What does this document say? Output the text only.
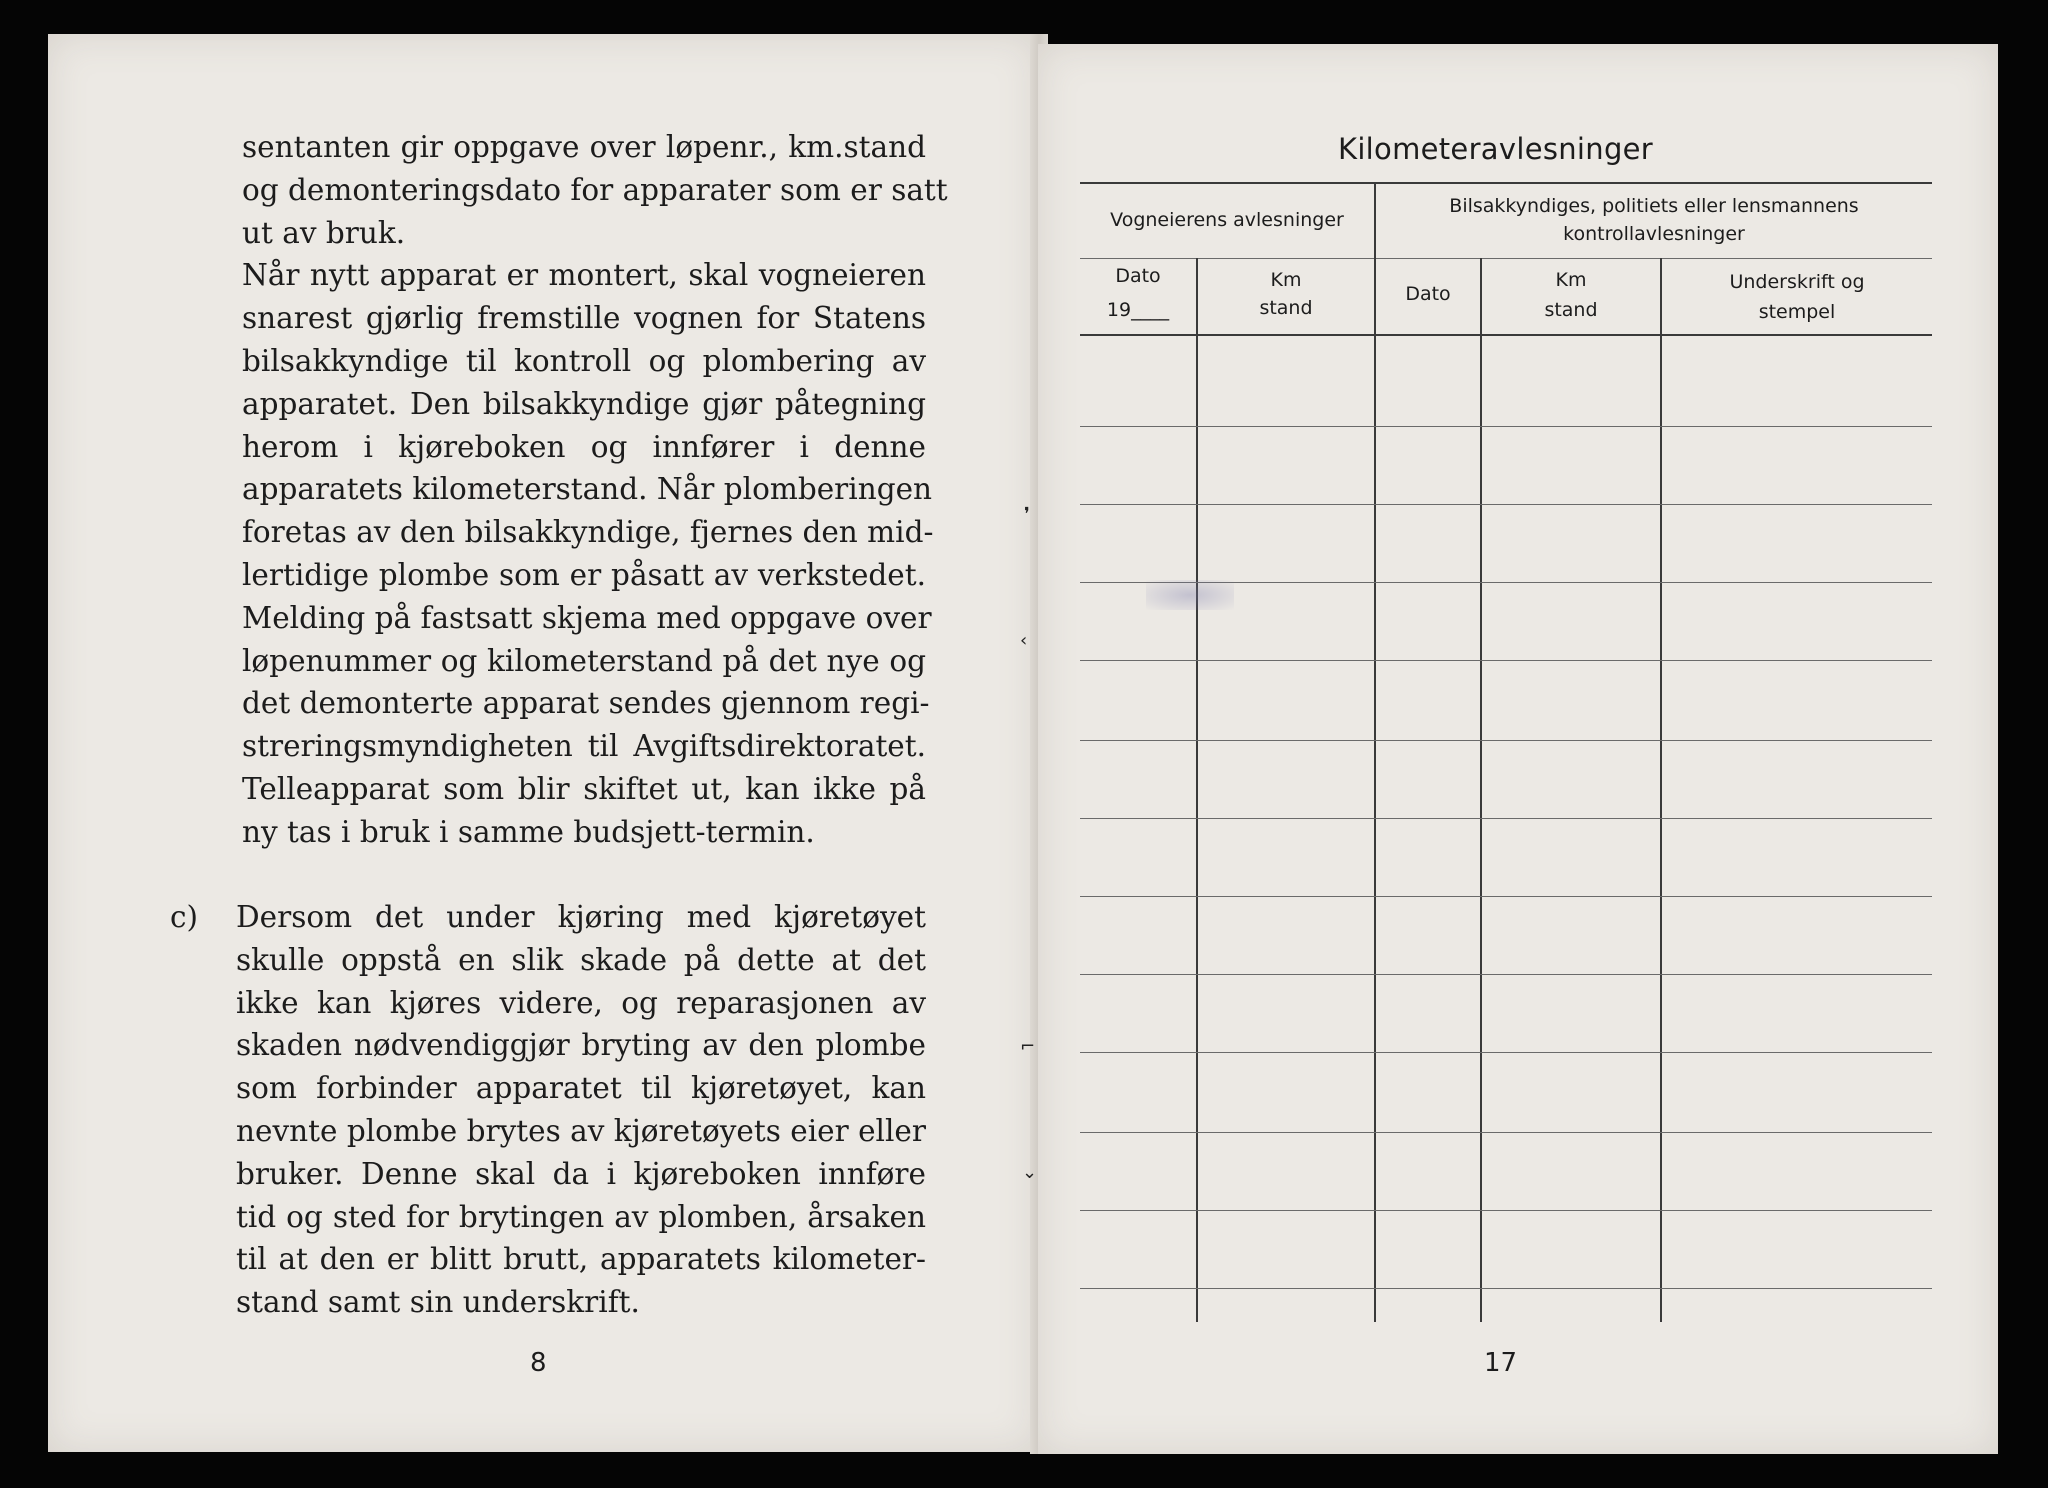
sentanten gir oppgave over løpenr., km.stand
og demonteringsdato for apparater som er satt
ut av bruk.
Når nytt apparat er montert, skal vogneieren
snarest gjørlig fremstille vognen for Statens
bilsakkyndige til kontroll og plombering av
apparatet. Den bilsakkyndige gjør påtegning
herom i kjøreboken og innfører i denne
apparatets kilometerstand. Når plomberingen
foretas av den bilsakkyndige, fjernes den mid-
lertidige plombe som er påsatt av verkstedet.
Melding på fastsatt skjema med oppgave over
løpenummer og kilometerstand på det nye og
det demonterte apparat sendes gjennom regi-
streringsmyndigheten til Avgiftsdirektoratet.
Telleapparat som blir skiftet ut, kan ikke på
ny tas i bruk i samme budsjett-termin.
c) Dersom det under kjøring med kjøretøyet
skulle oppstå en slik skade på dette at det
ikke kan kjøres videre, og reparasjonen av
skaden nødvendiggjør bryting av den plombe
som forbinder apparatet til kjøretøyet, kan
nevnte plombe brytes av kjøretøyets eier eller
bruker. Denne skal da i kjøreboken innføre
tid og sted for brytingen av plomben, årsaken
til at den er blitt brutt, apparatets kilometer-
stand samt sin underskrift.
8
Kilometeravlesninger
Vogneierens avlesninger
Bilsakkyndiges, politiets eller lensmannens
kontrollavlesninger
Dato
19____
Km
stand
Dato
Km
stand
Underskrift og
stempel
❜
‹
⌐
⌄
17
